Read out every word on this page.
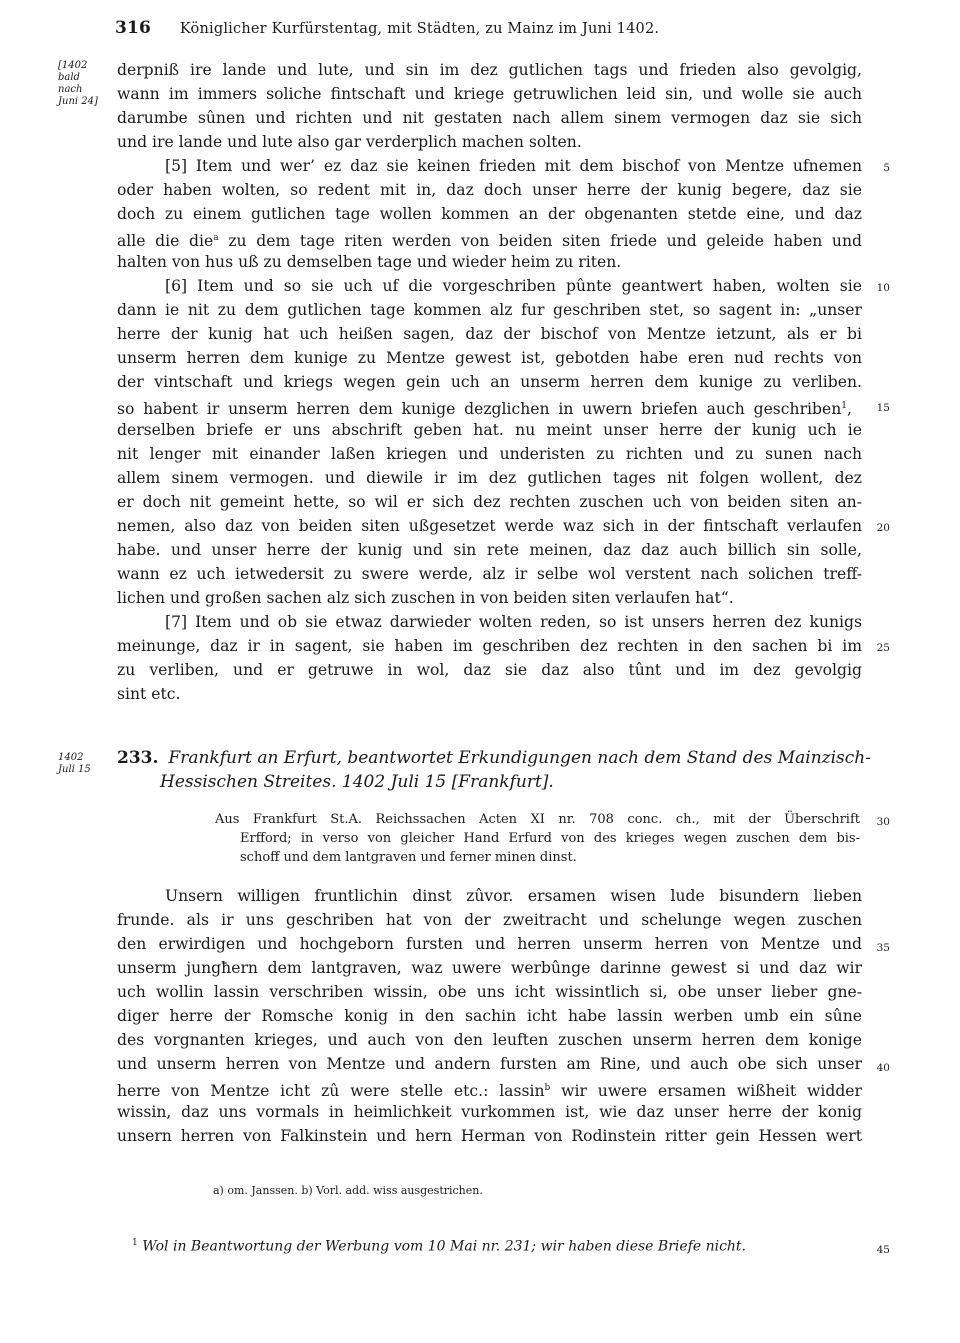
316 Königlicher Kurfürstentag, mit Städten, zu Mainz im Juni 1402.
[1402
bald
nach
Juni 24]
derpniß ire lande und lute, und sin im dez gutlichen tags und frieden also gevolgig,
wann im immers soliche fintschaft und kriege getruwlichen leid sin, und wolle sie auch
darumbe sûnen und richten und nit gestaten nach allem sinem vermogen daz sie sich
und ire lande und lute also gar verderplich machen solten.
[5] Item und wer’ ez daz sie keinen frieden mit dem bischof von Mentze ufnemen
oder haben wolten, so redent mit in, daz doch unser herre der kunig begere, daz sie
doch zu einem gutlichen tage wollen kommen an der obgenanten stetde eine, und daz
alle die die$^a$ zu dem tage riten werden von beiden siten friede und geleide haben und
halten von hus uß zu demselben tage und wieder heim zu riten.
[6] Item und so sie uch uf die vorgeschriben pûnte geantwert haben, wolten sie
dann ie nit zu dem gutlichen tage kommen alz fur geschriben stet, so sagent in: „unser
herre der kunig hat uch heißen sagen, daz der bischof von Mentze ietzunt, als er bi
unserm herren dem kunige zu Mentze gewest ist, gebotden habe eren nud rechts von
der vintschaft und kriegs wegen gein uch an unserm herren dem kunige zu verliben.
so habent ir unserm herren dem kunige dezglichen in uwern briefen auch geschriben$^1$,
derselben briefe er uns abschrift geben hat. nu meint unser herre der kunig uch ie
nit lenger mit einander laßen kriegen und underisten zu richten und zu sunen nach
allem sinem vermogen. und diewile ir im dez gutlichen tages nit folgen wollent, dez
er doch nit gemeint hette, so wil er sich dez rechten zuschen uch von beiden siten an-
nemen, also daz von beiden siten ußgesetzet werde waz sich in der fintschaft verlaufen
habe. und unser herre der kunig und sin rete meinen, daz daz auch billich sin solle,
wann ez uch ietwedersit zu swere werde, alz ir selbe wol verstent nach solichen treff-
lichen und großen sachen alz sich zuschen in von beiden siten verlaufen hat“.
[7] Item und ob sie etwaz darwieder wolten reden, so ist unsers herren dez kunigs
meinunge, daz ir in sagent, sie haben im geschriben dez rechten in den sachen bi im
zu verliben, und er getruwe in wol, daz sie daz also tûnt und im dez gevolgig
sint etc.
1402
Juli 15
233. Frankfurt an Erfurt, beantwortet Erkundigungen nach dem Stand des Mainzisch-
Hessischen Streites. 1402 Juli 15 [Frankfurt].
Aus Frankfurt St.A. Reichssachen Acten XI nr. 708 conc. ch., mit der Überschrift
Erfford; in verso von gleicher Hand Erfurd von des krieges wegen zuschen dem bis-
schoff und dem lantgraven und ferner minen dinst.
Unsern willigen fruntlichin dinst zûvor. ersamen wisen lude bisundern lieben
frunde. als ir uns geschriben hat von der zweitracht und schelunge wegen zuschen
den erwirdigen und hochgeborn fursten und herren unserm herren von Mentze und
unserm jungħern dem lantgraven, waz uwere werbûnge darinne gewest si und daz wir
uch wollin lassin verschriben wissin, obe uns icht wissintlich si, obe unser lieber gne-
diger herre der Romsche konig in den sachin icht habe lassin werben umb ein sûne
des vorgnanten krieges, und auch von den leuften zuschen unserm herren dem konige
und unserm herren von Mentze und andern fursten am Rine, und auch obe sich unser
herre von Mentze icht zû were stelle etc.: lassin$^b$ wir uwere ersamen wißheit widder
wissin, daz uns vormals in heimlichkeit vurkommen ist, wie daz unser herre der konig
unsern herren von Falkinstein und hern Herman von Rodinstein ritter gein Hessen wert
a) om. Janssen. b) Vorl. add. wiss ausgestrichen.
$^1$ Wol in Beantwortung der Werbung vom 10 Mai nr. 231; wir haben diese Briefe nicht.
5
10
15
20
25
30
35
40
45
